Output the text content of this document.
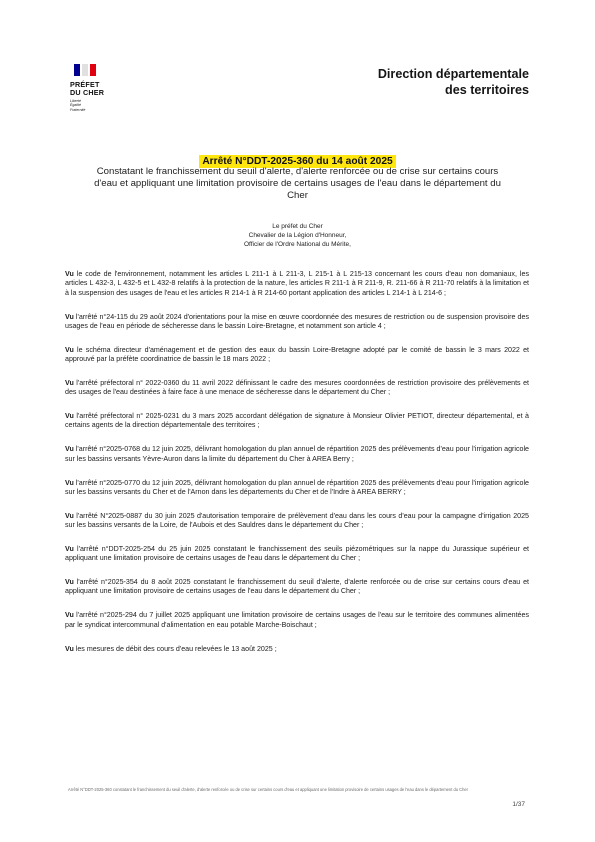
PRÉFET
DU CHER
Liberté
Égalité
Fraternité
Direction départementale
des territoires
Arrêté N°DDT-2025-360 du 14 août 2025
Constatant le franchissement du seuil d'alerte, d'alerte renforcée ou de crise sur certains cours d'eau et appliquant une limitation provisoire de certains usages de l'eau dans le département du Cher
Le préfet du Cher
Chevalier de la Légion d'Honneur,
Officier de l'Ordre National du Mérite,

Vu le code de l'environnement, notamment les articles L 211-1 à L 211-3, L 215-1 à L 215-13 concernant les cours d'eau non domaniaux, les articles L 432-3, L 432-5 et L 432-8 relatifs à la protection de la nature, les articles R 211-1 à R 211-9, R. 211-66 à R 211-70 relatifs à la limitation et à la suspension des usages de l'eau et les articles R 214-1 à R 214-60 portant application des articles L 214-1 à L 214-6 ;

Vu l'arrêté n°24-115 du 29 août 2024 d'orientations pour la mise en œuvre coordonnée des mesures de restriction ou de suspension provisoire des usages de l'eau en période de sécheresse dans le bassin Loire-Bretagne, et notamment son article 4 ;

Vu le schéma directeur d'aménagement et de gestion des eaux du bassin Loire-Bretagne adopté par le comité de bassin le 3 mars 2022 et approuvé par la préfète coordinatrice de bassin le 18 mars 2022 ;

Vu l'arrêté préfectoral n° 2022-0360 du 11 avril 2022 définissant le cadre des mesures coordonnées de restriction provisoire des prélèvements et des usages de l'eau destinées à faire face à une menace de sécheresse dans le département du Cher ;

Vu l'arrêté préfectoral n° 2025-0231 du 3 mars 2025 accordant délégation de signature à Monsieur Olivier PETIOT, directeur départemental, et à certains agents de la direction départementale des territoires ;

Vu l'arrêté n°2025-0768 du 12 juin 2025, délivrant homologation du plan annuel de répartition 2025 des prélèvements d'eau pour l'irrigation agricole sur les bassins versants Yèvre-Auron dans la limite du département du Cher à AREA Berry ;

Vu l'arrêté n°2025-0770 du 12 juin 2025, délivrant homologation du plan annuel de répartition 2025 des prélèvements d'eau pour l'irrigation agricole sur les bassins versants du Cher et de l'Arnon dans les départements du Cher et de l'Indre à AREA BERRY ;

Vu l'arrêté N°2025-0887 du 30 juin 2025 d'autorisation temporaire de prélèvement d'eau dans les cours d'eau pour la campagne d'irrigation 2025 sur les bassins versants de la Loire, de l'Aubois et des Sauldres dans le département du Cher ;

Vu l'arrêté n°DDT-2025-254 du 25 juin 2025 constatant le franchissement des seuils piézométriques sur la nappe du Jurassique supérieur et appliquant une limitation provisoire de certains usages de l'eau dans le département du Cher ;

Vu l'arrêté n°2025-354 du 8 août 2025 constatant le franchissement du seuil d'alerte, d'alerte renforcée ou de crise sur certains cours d'eau et appliquant une limitation provisoire de certains usages de l'eau dans le département du Cher ;

Vu l'arrêté n°2025-294 du 7 juillet 2025 appliquant une limitation provisoire de certains usages de l'eau sur le territoire des communes alimentées par le syndicat intercommunal d'alimentation en eau potable Marche-Boischaut ;

Vu les mesures de débit des cours d'eau relevées le 13 août 2025 ;

Arrêté N°DDT-2025-360 constatant le franchissement du seuil d'alerte, d'alerte renforcée ou de crise sur certains cours d'eau et appliquant une limitation provisoire de certains usages de l'eau dans le département du Cher
1/37
